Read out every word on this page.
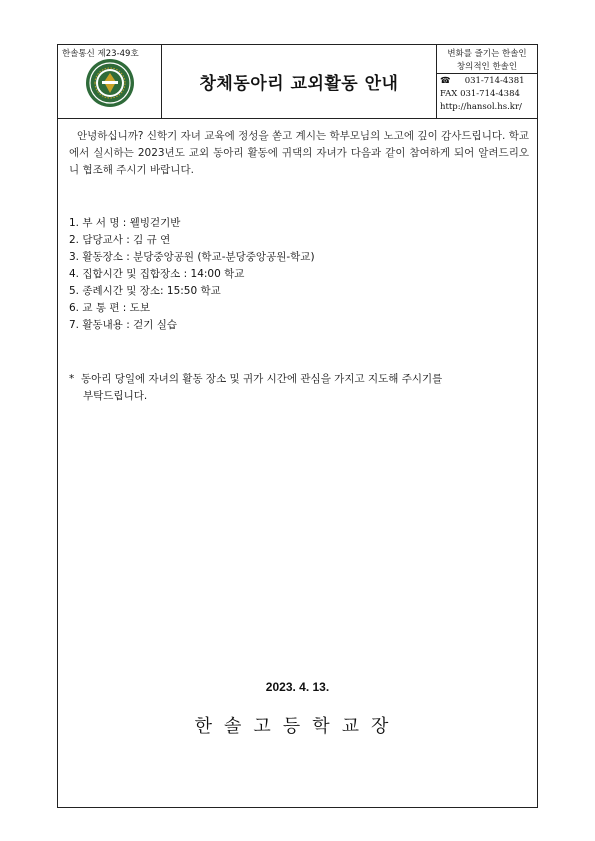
한솔통신 제23-49호
창체동아리 교외활동 안내
변화를 즐기는 한솔인
창의적인 한솔인
☎ 031-714-4381
FAX 031-714-4384
http://hansol.hs.kr/

안녕하십니까? 신학기 자녀 교육에 정성을 쏟고 계시는 학부모님의 노고에 깊이 감사드립니다. 학교에서 실시하는 2023년도 교외 동아리 활동에 귀댁의 자녀가 다음과 같이 참여하게 되어 알려드리오니 협조해 주시기 바랍니다.

1. 부 서 명 : 웰빙걷기반
2. 담당교사 : 김 규 연
3. 활동장소 : 분당중앙공원 (학교-분당중앙공원-학교)
4. 집합시간 및 집합장소 : 14:00 학교
5. 종례시간 및 장소: 15:50 학교
6. 교 통 편 : 도보
7. 활동내용 : 걷기 실습
* 동아리 당일에 자녀의 활동 장소 및 귀가 시간에 관심을 가지고 지도해 주시기를
부탁드립니다.
2023. 4. 13.
한솔고등학교장
